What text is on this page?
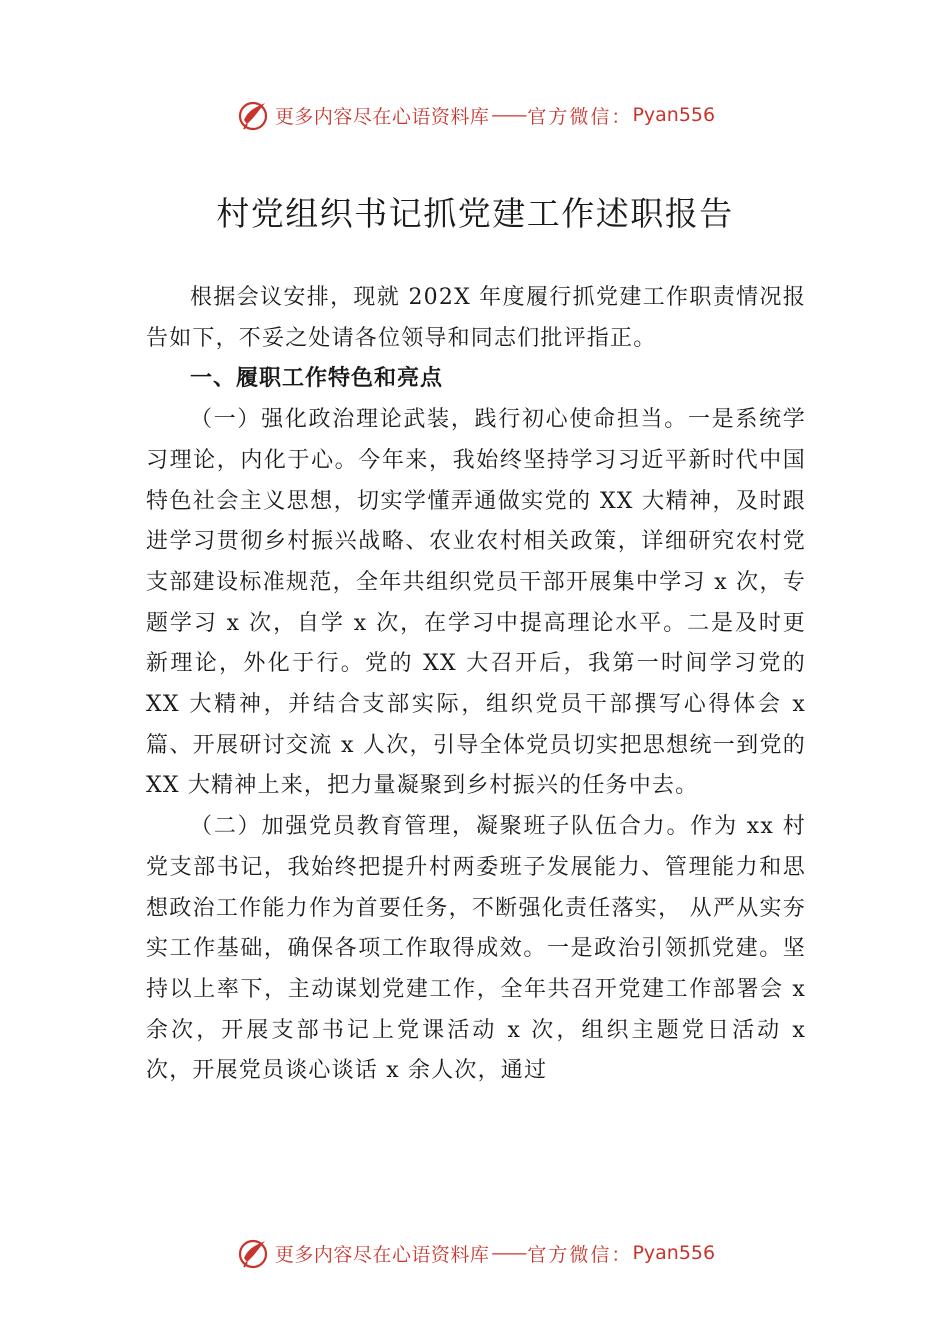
更多内容尽在心语资料库 —— 官方微信： Pyan556
村党组织书记抓党建工作述职报告

根据会议安排，现就 202X 年度履行抓党建工作职责情况报告如下，不妥之处请各位领导和同志们批评指正。

一、履职工作特色和亮点

（一）强化政治理论武装，践行初心使命担当。一是系统学习理论，内化于心。今年来，我始终坚持学习习近平新时代中国特色社会主义思想，切实学懂弄通做实党的 XX 大精神，及时跟进学习贯彻乡村振兴战略、农业农村相关政策，详细研究农村党支部建设标准规范，全年共组织党员干部开展集中学习 x 次，专题学习 x 次，自学 x 次，在学习中提高理论水平。二是及时更新理论，外化于行。党的 XX 大召开后，我第一时间学习党的 XX 大精神，并结合支部实际，组织党员干部撰写心得体会 x 篇、开展研讨交流 x 人次，引导全体党员切实把思想统一到党的 XX 大精神上来，把力量凝聚到乡村振兴的任务中去。

（二）加强党员教育管理，凝聚班子队伍合力。作为 xx 村党支部书记，我始终把提升村两委班子发展能力、管理能力和思想政治工作能力作为首要任务，不断强化责任落实， 从严从实夯实工作基础，确保各项工作取得成效。一是政治引领抓党建。坚持以上率下，主动谋划党建工作，全年共召开党建工作部署会 x 余次，开展支部书记上党课活动 x 次，组织主题党日活动 x 次，开展党员谈心谈话 x 余人次，通过

更多内容尽在心语资料库 —— 官方微信： Pyan556
